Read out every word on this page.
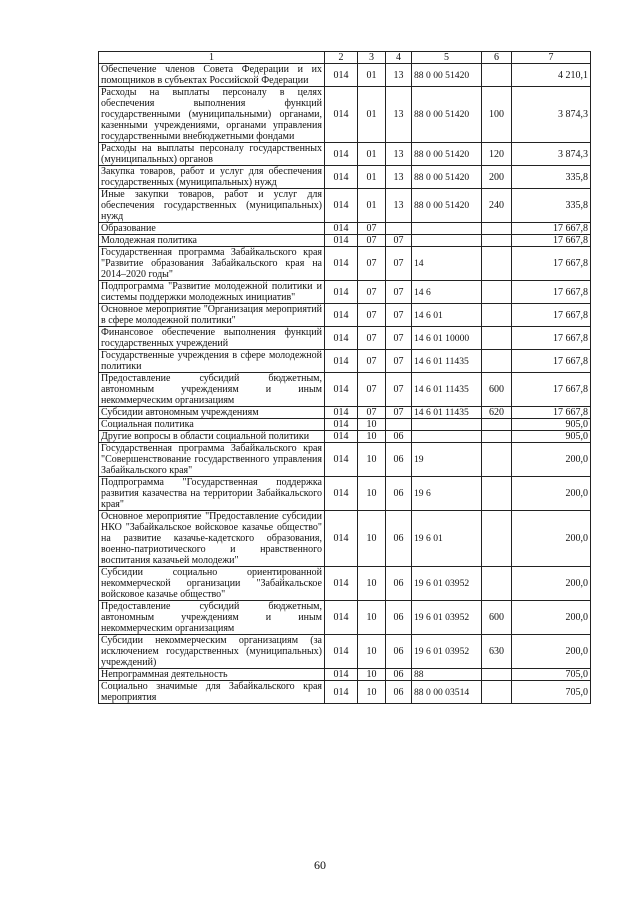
1	2	3	4	5	6	7
Обеспечение членов Совета Федерации и их помощников в субъектах Российской Федерации	014	01	13	88 0 00 51420		4 210,1
Расходы на выплаты персоналу в целях обеспечения выполнения функций государственными (муниципальными) органами, казенными учреждениями, органами управления государственными внебюджетными фондами	014	01	13	88 0 00 51420	100	3 874,3
Расходы на выплаты персоналу государственных (муниципальных) органов	014	01	13	88 0 00 51420	120	3 874,3
Закупка товаров, работ и услуг для обеспечения государственных (муниципальных) нужд	014	01	13	88 0 00 51420	200	335,8
Иные закупки товаров, работ и услуг для обеспечения государственных (муниципальных) нужд	014	01	13	88 0 00 51420	240	335,8
Образование	014	07				17 667,8
Молодежная политика	014	07	07			17 667,8
Государственная программа Забайкальского края "Развитие образования Забайкальского края на 2014–2020 годы"	014	07	07	14		17 667,8
Подпрограмма "Развитие молодежной политики и системы поддержки молодежных инициатив"	014	07	07	14 6		17 667,8
Основное мероприятие "Организация мероприятий в сфере молодежной политики"	014	07	07	14 6 01		17 667,8
Финансовое обеспечение выполнения функций государственных учреждений	014	07	07	14 6 01 10000		17 667,8
Государственные учреждения в сфере молодежной политики	014	07	07	14 6 01 11435		17 667,8
Предоставление субсидий бюджетным, автономным учреждениям и иным некоммерческим организациям	014	07	07	14 6 01 11435	600	17 667,8
Субсидии автономным учреждениям	014	07	07	14 6 01 11435	620	17 667,8
Социальная политика	014	10				905,0
Другие вопросы в области социальной политики	014	10	06			905,0
Государственная программа Забайкальского края "Совершенствование государственного управления Забайкальского края"	014	10	06	19		200,0
Подпрограмма "Государственная поддержка развития казачества на территории Забайкальского края"	014	10	06	19 6		200,0
Основное мероприятие "Предоставление субсидии НКО "Забайкальское войсковое казачье общество" на развитие казачье-кадетского образования, военно-патриотического и нравственного воспитания казачьей молодежи"	014	10	06	19 6 01		200,0
Субсидии социально ориентированной некоммерческой организации "Забайкальское войсковое казачье общество"	014	10	06	19 6 01 03952		200,0
Предоставление субсидий бюджетным, автономным учреждениям и иным некоммерческим организациям	014	10	06	19 6 01 03952	600	200,0
Субсидии некоммерческим организациям (за исключением государственных (муниципальных) учреждений)	014	10	06	19 6 01 03952	630	200,0
Непрограммная деятельность	014	10	06	88		705,0
Социально значимые для Забайкальского края мероприятия	014	10	06	88 0 00 03514		705,0
60
